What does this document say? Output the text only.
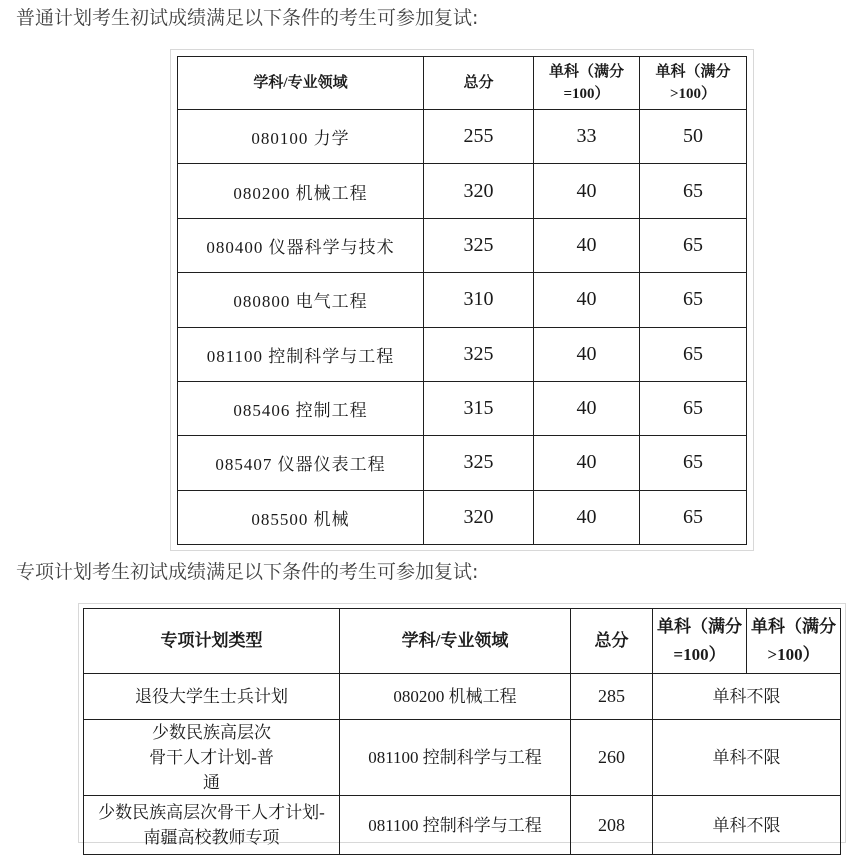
普通计划考生初试成绩满足以下条件的考生可参加复试:
学科/专业领域	总分	单科（满分=100）	单科（满分>100）
080100 力学	255	33	50
080200 机械工程	320	40	65
080400 仪器科学与技术	325	40	65
080800 电气工程	310	40	65
081100 控制科学与工程	325	40	65
085406 控制工程	315	40	65
085407 仪器仪表工程	325	40	65
085500 机械	320	40	65
专项计划考生初试成绩满足以下条件的考生可参加复试:
专项计划类型	学科/专业领域	总分	单科（满分=100）	单科（满分>100）
退役大学生士兵计划	080200 机械工程	285	单科不限	
少数民族高层次骨干人才计划-普通	081100 控制科学与工程	260	单科不限	
少数民族高层次骨干人才计划-南疆高校教师专项	081100 控制科学与工程	208	单科不限	
